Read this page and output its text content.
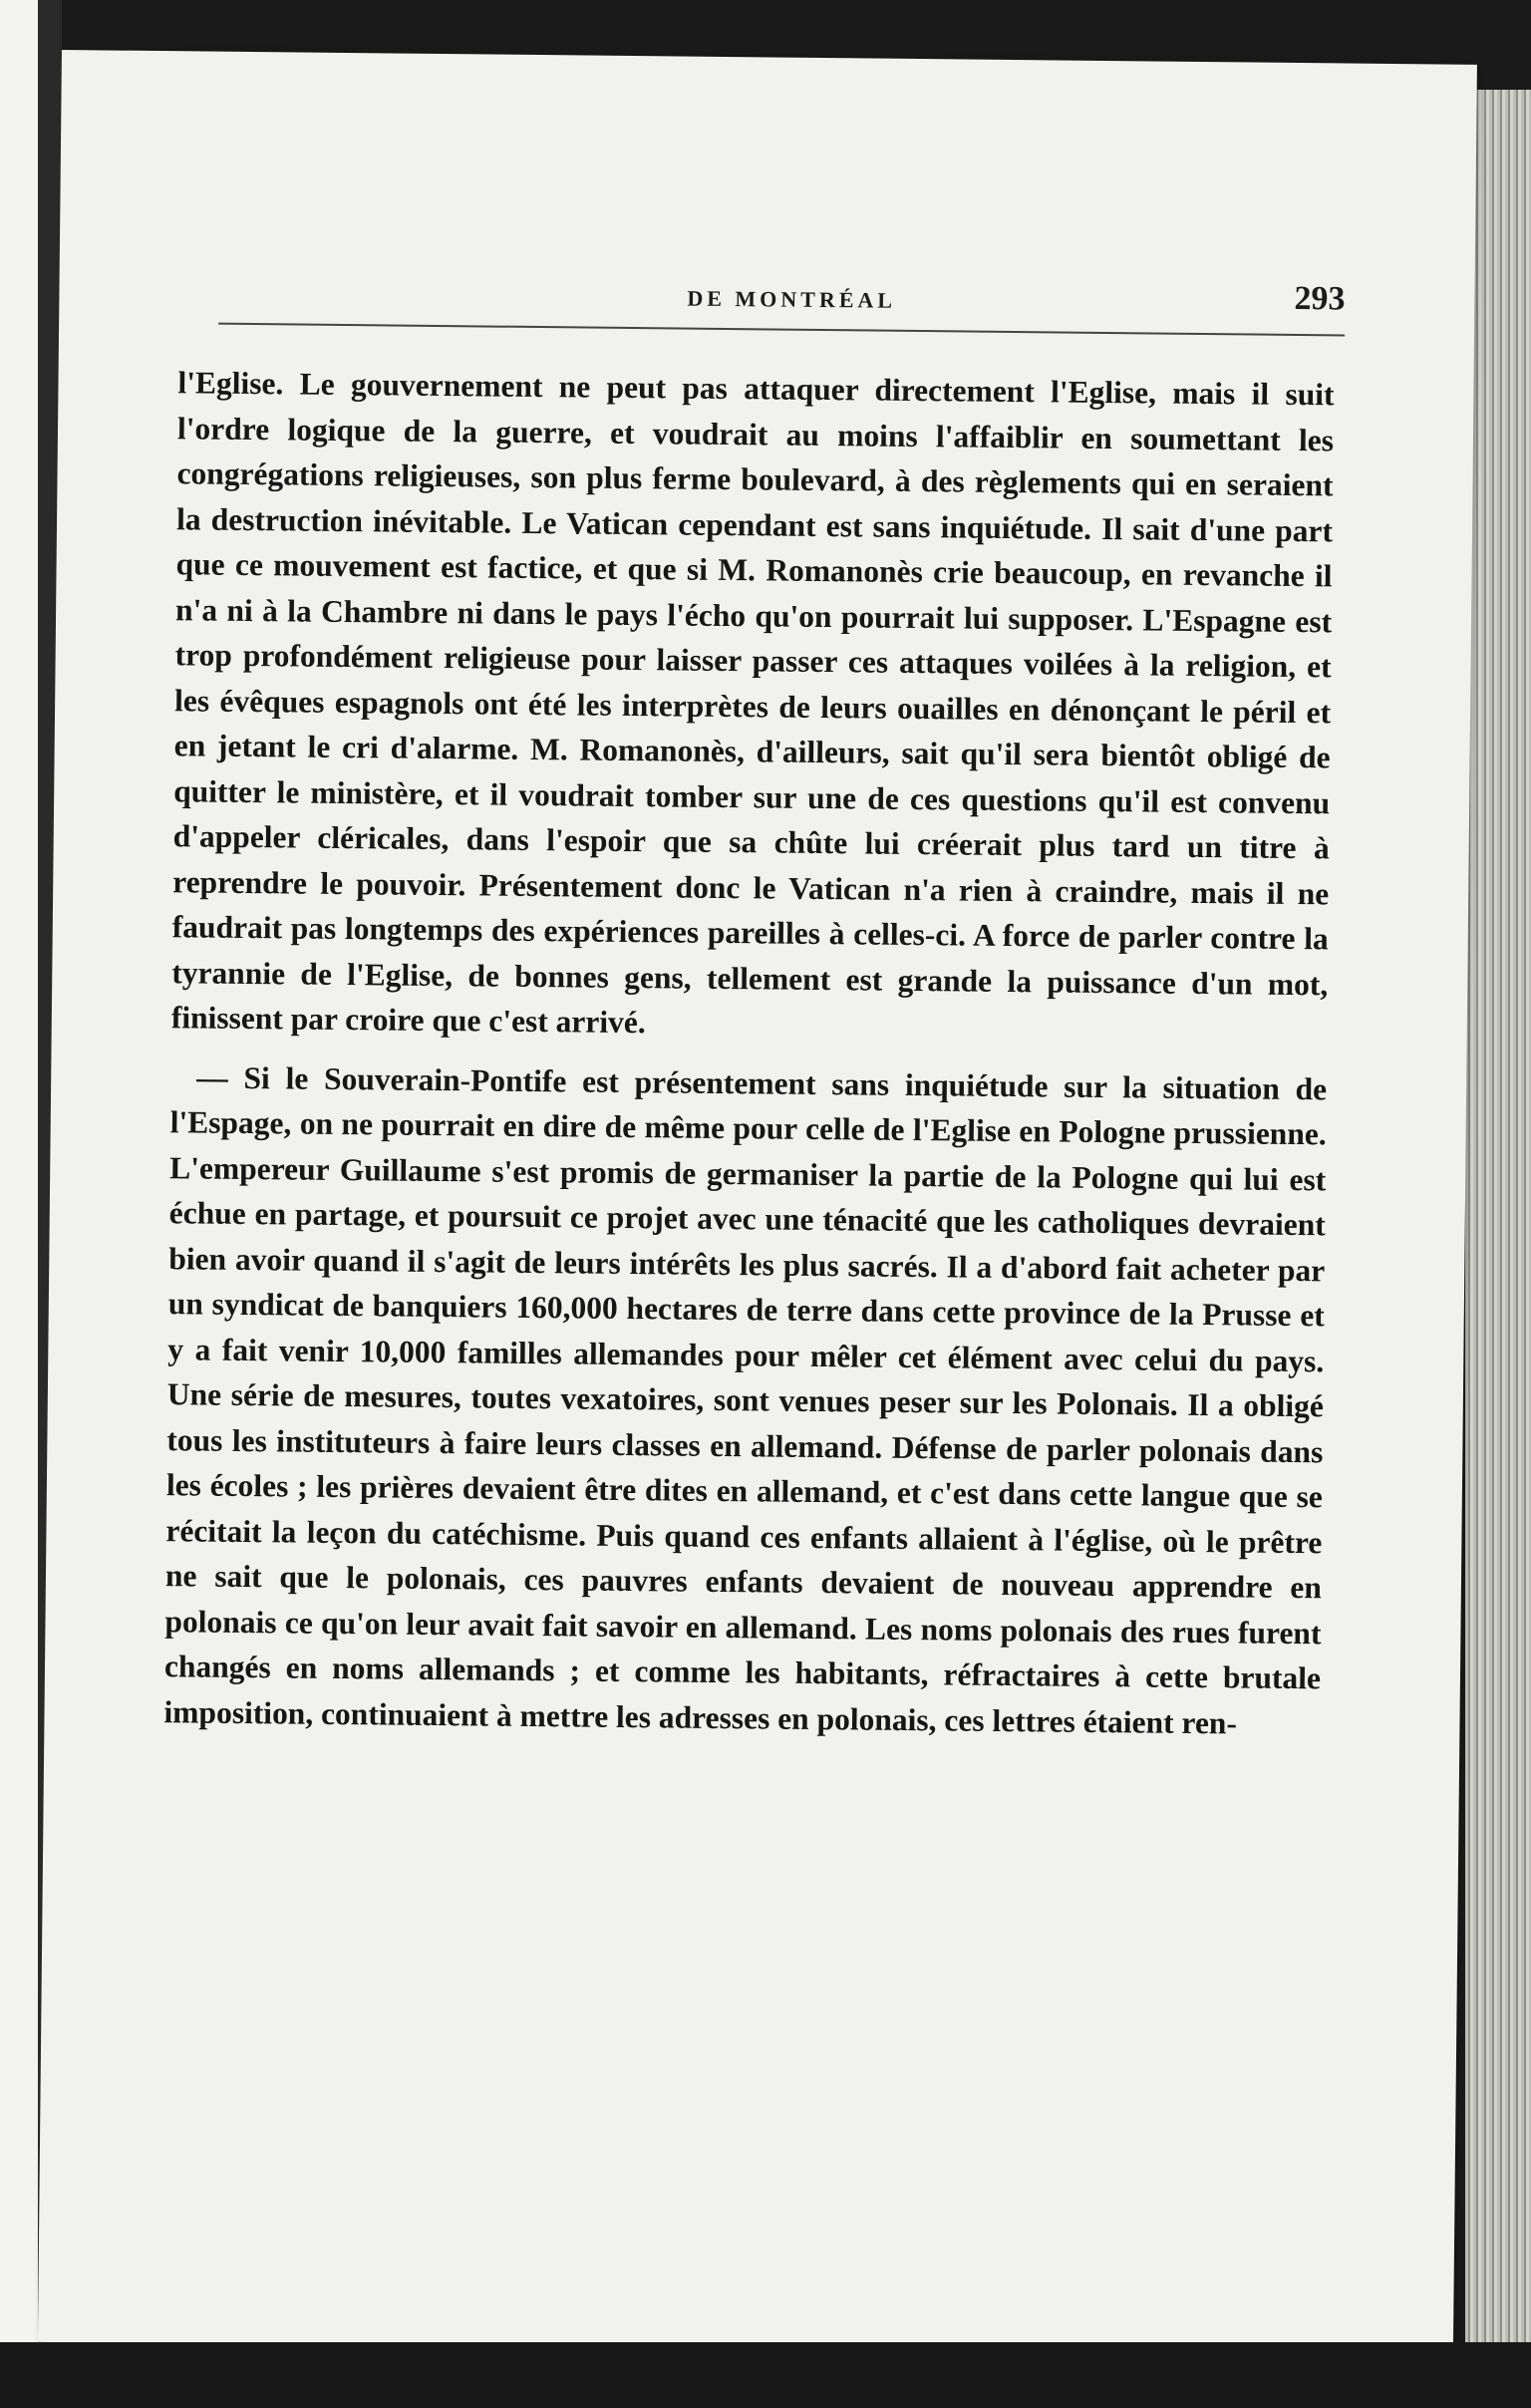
DE MONTRÉAL	293

l'Eglise. Le gouvernement ne peut pas attaquer directement l'Eglise, mais il suit l'ordre logique de la guerre, et voudrait au moins l'affaiblir en soumettant les congrégations religieuses, son plus ferme boulevard, à des règlements qui en seraient la destruction inévitable. Le Vatican cependant est sans inquiétude. Il sait d'une part que ce mouvement est factice, et que si M. Romanonès crie beaucoup, en revanche il n'a ni à la Chambre ni dans le pays l'écho qu'on pourrait lui supposer. L'Espagne est trop profondément religieuse pour laisser passer ces attaques voilées à la religion, et les évêques espagnols ont été les interprètes de leurs ouailles en dénonçant le péril et en jetant le cri d'alarme. M. Romanonès, d'ailleurs, sait qu'il sera bientôt obligé de quitter le ministère, et il voudrait tomber sur une de ces questions qu'il est convenu d'appeler cléricales, dans l'espoir que sa chûte lui créerait plus tard un titre à reprendre le pouvoir. Présentement donc le Vatican n'a rien à craindre, mais il ne faudrait pas longtemps des expériences pareilles à celles-ci. A force de parler contre la tyrannie de l'Eglise, de bonnes gens, tellement est grande la puissance d'un mot, finissent par croire que c'est arrivé.

— Si le Souverain-Pontife est présentement sans inquiétude sur la situation de l'Espage, on ne pourrait en dire de même pour celle de l'Eglise en Pologne prussienne. L'empereur Guillaume s'est promis de germaniser la partie de la Pologne qui lui est échue en partage, et poursuit ce projet avec une ténacité que les catholiques devraient bien avoir quand il s'agit de leurs intérêts les plus sacrés. Il a d'abord fait acheter par un syndicat de banquiers 160,000 hectares de terre dans cette province de la Prusse et y a fait venir 10,000 familles allemandes pour mêler cet élément avec celui du pays. Une série de mesures, toutes vexatoires, sont venues peser sur les Polonais. Il a obligé tous les instituteurs à faire leurs classes en allemand. Défense de parler polonais dans les écoles ; les prières devaient être dites en allemand, et c'est dans cette langue que se récitait la leçon du catéchisme. Puis quand ces enfants allaient à l'église, où le prêtre ne sait que le polonais, ces pauvres enfants devaient de nouveau apprendre en polonais ce qu'on leur avait fait savoir en allemand. Les noms polonais des rues furent changés en noms allemands ; et comme les habitants, réfractaires à cette brutale imposition, continuaient à mettre les adresses en polonais, ces lettres étaient ren-
